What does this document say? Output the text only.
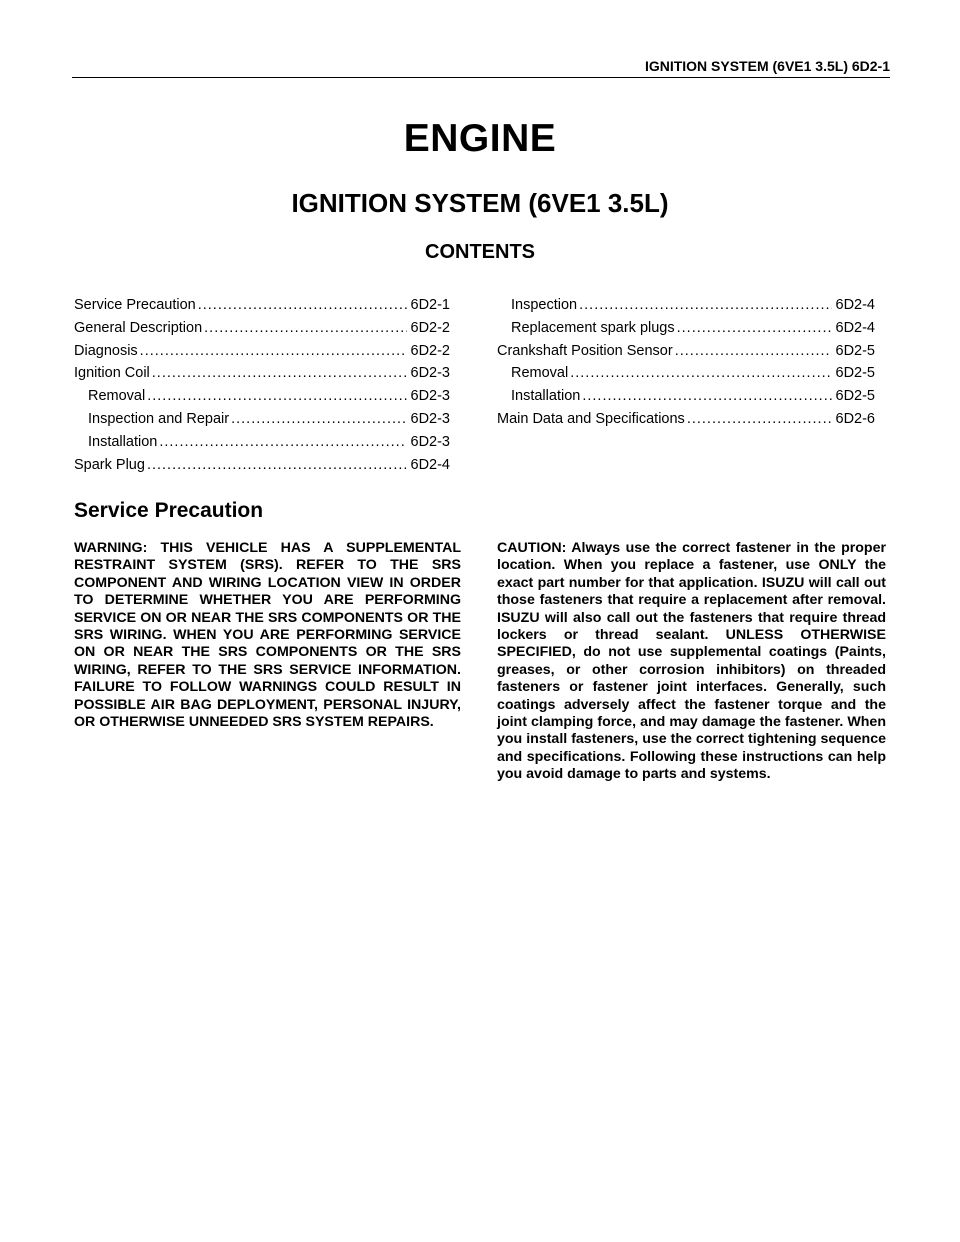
IGNITION SYSTEM (6VE1 3.5L) 6D2-1
ENGINE
IGNITION SYSTEM (6VE1 3.5L)
CONTENTS
Service Precaution .....	6D2-1
General Description .....	6D2-2
Diagnosis .....	6D2-2
Ignition Coil .....	6D2-3
Removal .....	6D2-3
Inspection and Repair .....	6D2-3
Installation .....	6D2-3
Spark Plug .....	6D2-4
Inspection .....	6D2-4
Replacement spark plugs .....	6D2-4
Crankshaft Position Sensor .....	6D2-5
Removal .....	6D2-5
Installation .....	6D2-5
Main Data and Specifications .....	6D2-6
Service Precaution

WARNING: THIS VEHICLE HAS A SUPPLEMENTAL RESTRAINT SYSTEM (SRS). REFER TO THE SRS COMPONENT AND WIRING LOCATION VIEW IN ORDER TO DETERMINE WHETHER YOU ARE PERFORMING SERVICE ON OR NEAR THE SRS COMPONENTS OR THE SRS WIRING. WHEN YOU ARE PERFORMING SERVICE ON OR NEAR THE SRS COMPONENTS OR THE SRS WIRING, REFER TO THE SRS SERVICE INFORMATION. FAILURE TO FOLLOW WARNINGS COULD RESULT IN POSSIBLE AIR BAG DEPLOYMENT, PERSONAL INJURY, OR OTHERWISE UNNEEDED SRS SYSTEM REPAIRS.

CAUTION: Always use the correct fastener in the proper location. When you replace a fastener, use ONLY the exact part number for that application. ISUZU will call out those fasteners that require a replacement after removal. ISUZU will also call out the fasteners that require thread lockers or thread sealant. UNLESS OTHERWISE SPECIFIED, do not use supplemental coatings (Paints, greases, or other corrosion inhibitors) on threaded fasteners or fastener joint interfaces. Generally, such coatings adversely affect the fastener torque and the joint clamping force, and may damage the fastener. When you install fasteners, use the correct tightening sequence and specifications. Following these instructions can help you avoid damage to parts and systems.
